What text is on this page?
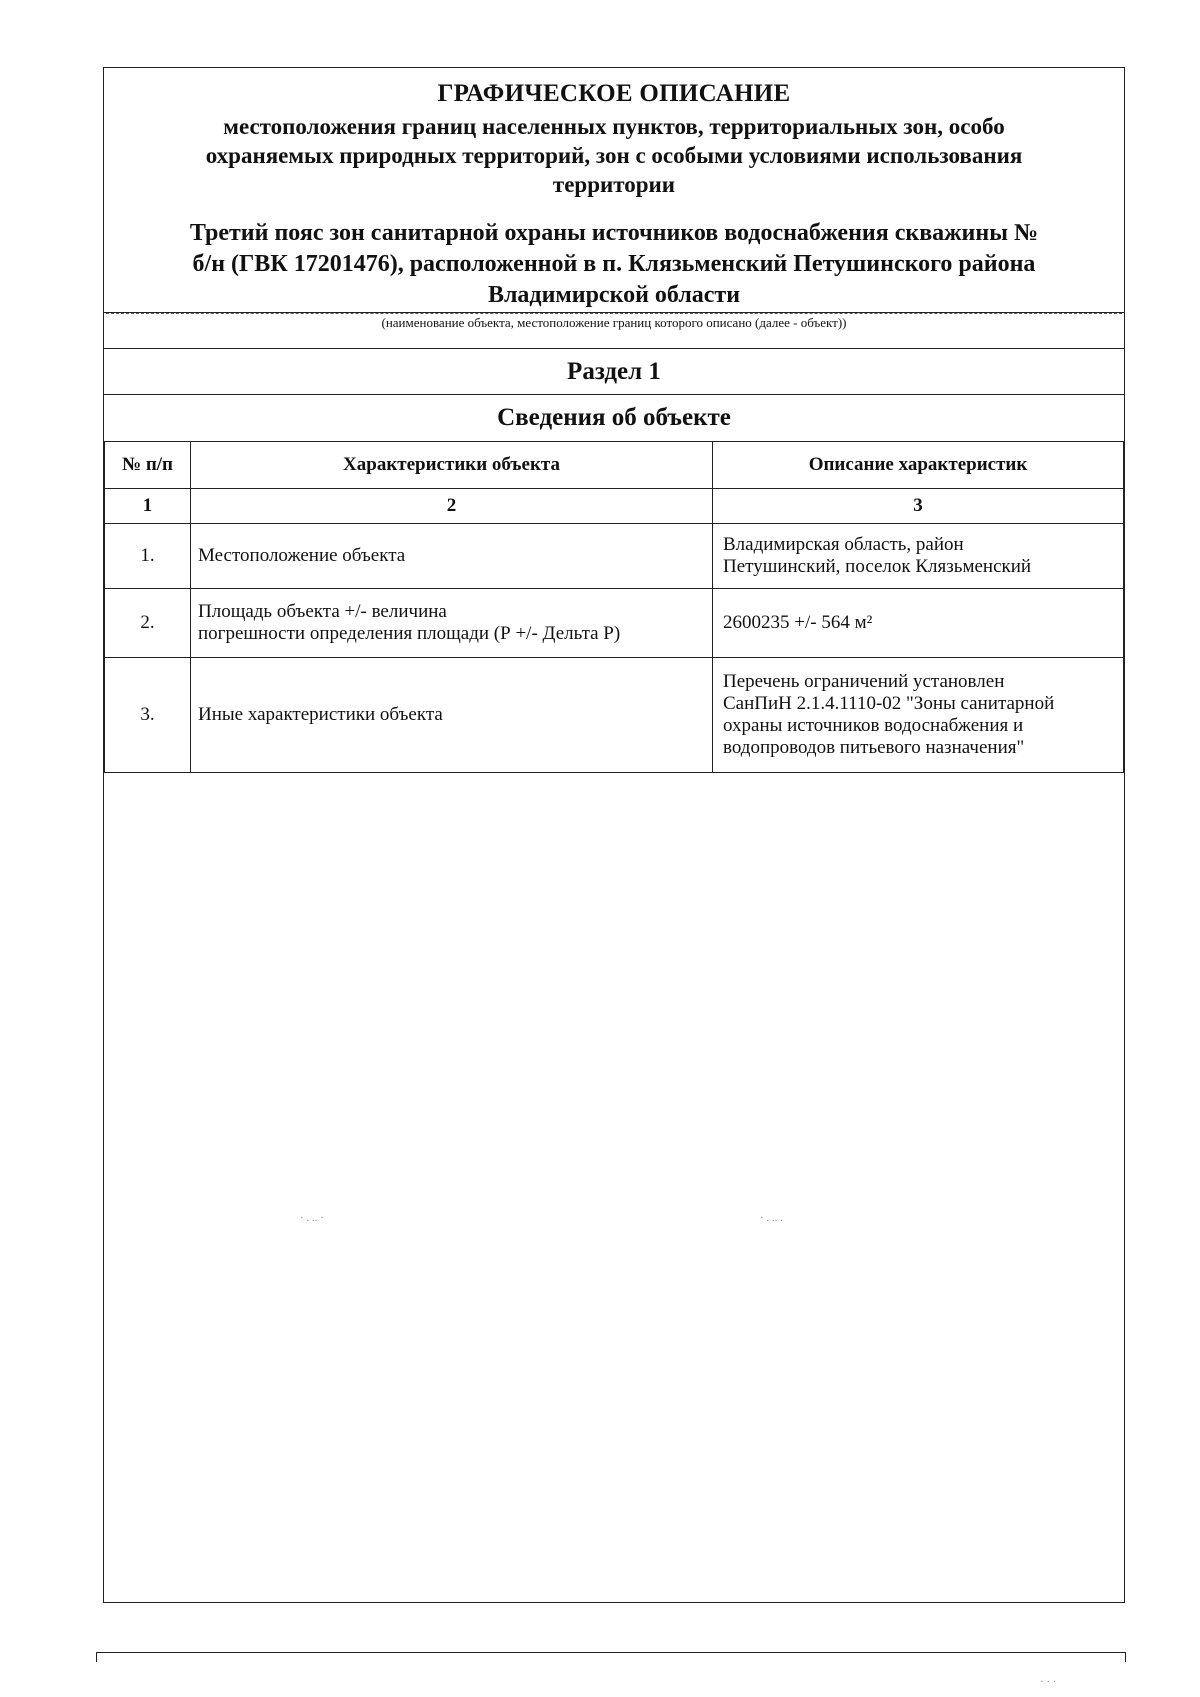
ГРАФИЧЕСКОЕ ОПИСАНИЕ
местоположения границ населенных пунктов, территориальных зон, особо
охраняемых природных территорий, зон с особыми условиями использования
территории
Третий пояс зон санитарной охраны источников водоснабжения скважины №
б/н (ГВК 17201476), расположенной в п. Клязьменский Петушинского района
Владимирской области
(наименование объекта, местоположение границ которого описано (далее - объект))
Раздел 1
Сведения об объекте
№ п/п	Характеристики объекта	Описание характеристик
1	2	3
1.	Местоположение объекта	Владимирская область, район
Петушинский, поселок Клязьменский

2.	Площадь объекта +/- величина
погрешности определения площади (Р +/- Дельта Р)	2600235 +/- 564 м²

3.	Иные характеристики объекта	Перечень ограничений установлен
СанПиН 2.1.4.1110-02 "Зоны санитарной
охраны источников водоснабжения и
водопроводов питьевого назначения"
· . .. ·	· . .. .
· · ·
